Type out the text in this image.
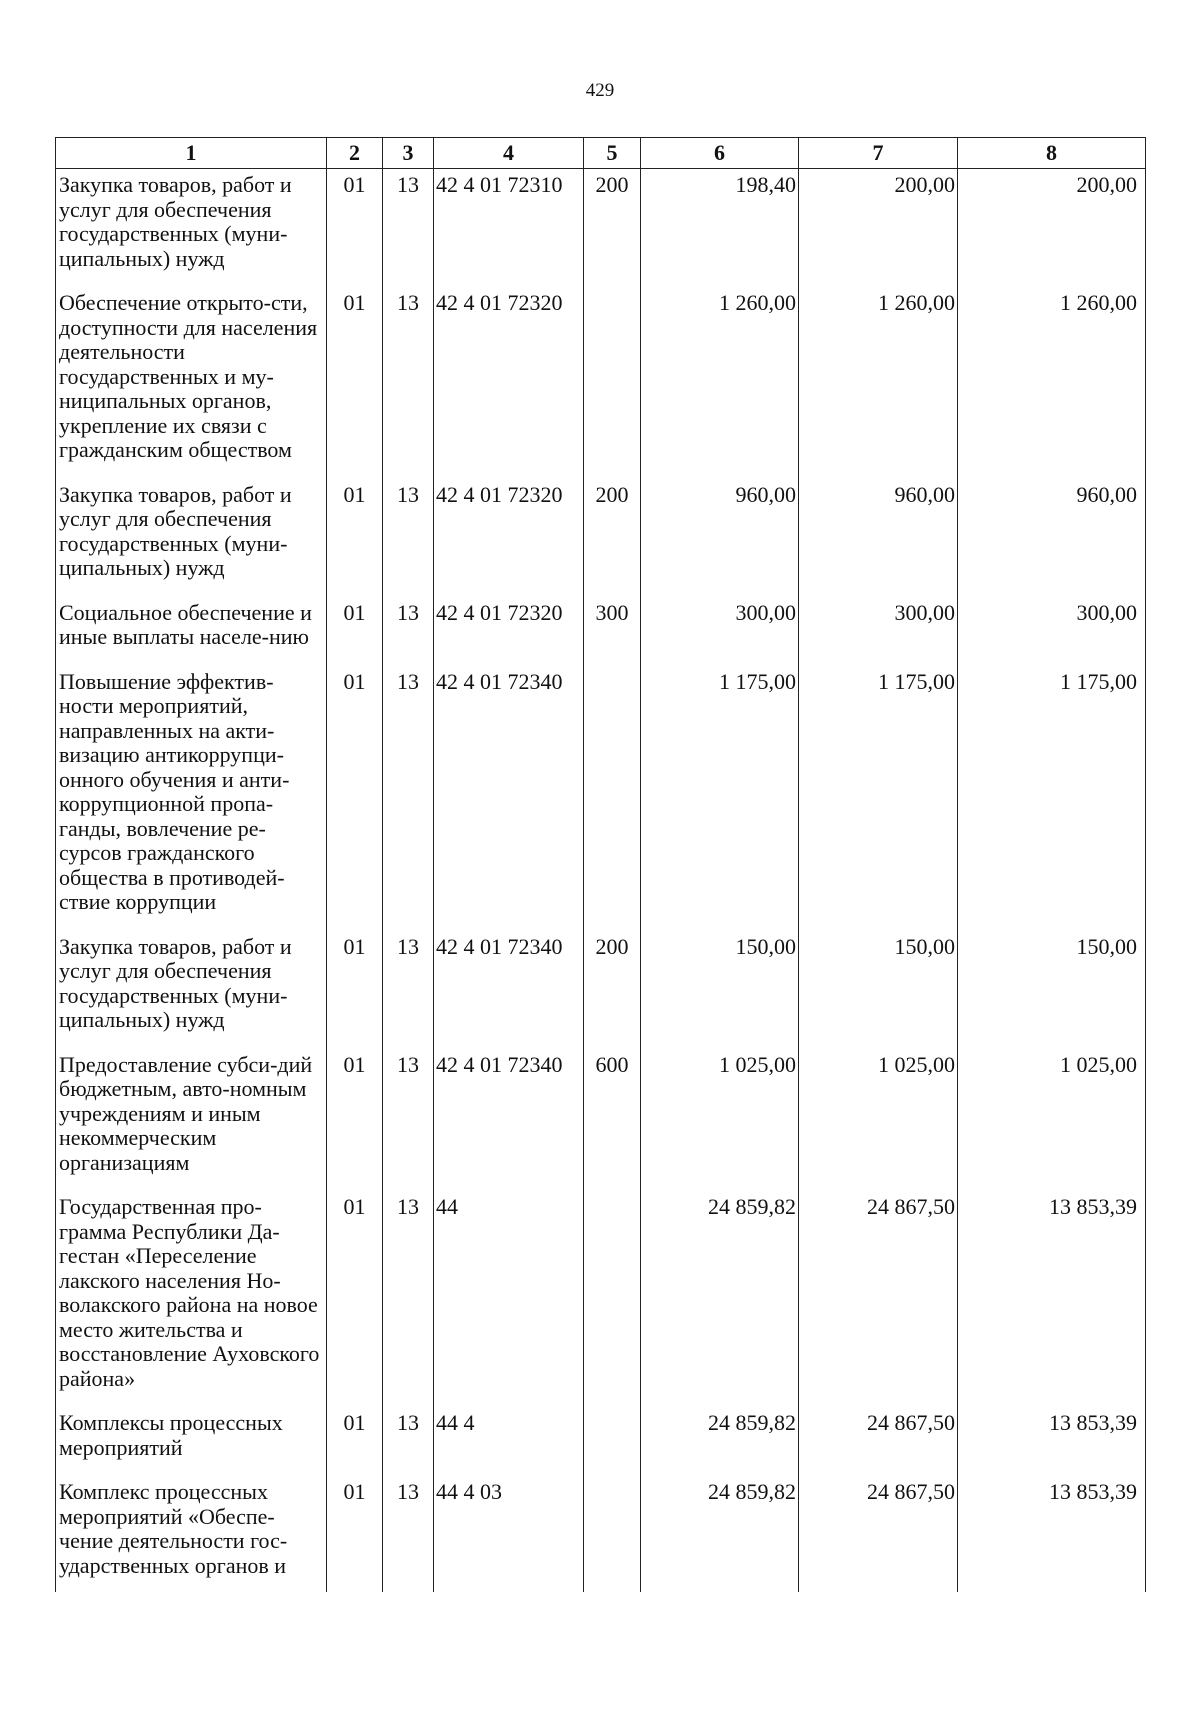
429
1	2	3	4	5	6	7	8
Закупка товаров, работ и услуг для обеспечения государственных (муни-ципальных) нужд	01	13	42 4 01 72310	200	198,40	200,00	200,00
Обеспечение открыто-сти, доступности для населения деятельности государственных и му-ниципальных органов, укрепление их связи с гражданским обществом	01	13	42 4 01 72320		1 260,00	1 260,00	1 260,00
Закупка товаров, работ и услуг для обеспечения государственных (муни-ципальных) нужд	01	13	42 4 01 72320	200	960,00	960,00	960,00
Социальное обеспечение и иные выплаты населе-нию	01	13	42 4 01 72320	300	300,00	300,00	300,00
Повышение эффектив-ности мероприятий, направленных на акти-визацию антикоррупци-онного обучения и анти-коррупционной пропа-ганды, вовлечение ре-сурсов гражданского общества в противодей-ствие коррупции	01	13	42 4 01 72340		1 175,00	1 175,00	1 175,00
Закупка товаров, работ и услуг для обеспечения государственных (муни-ципальных) нужд	01	13	42 4 01 72340	200	150,00	150,00	150,00
Предоставление субси-дий бюджетным, авто-номным учреждениям и иным некоммерческим организациям	01	13	42 4 01 72340	600	1 025,00	1 025,00	1 025,00
Государственная про-грамма Республики Да-гестан «Переселение лакского населения Но-волакского района на новое место жительства и восстановление Ауховского района»	01	13	44		24 859,82	24 867,50	13 853,39
Комплексы процессных мероприятий	01	13	44 4		24 859,82	24 867,50	13 853,39
Комплекс процессных мероприятий «Обеспе-чение деятельности гос-ударственных органов и	01	13	44 4 03		24 859,82	24 867,50	13 853,39
